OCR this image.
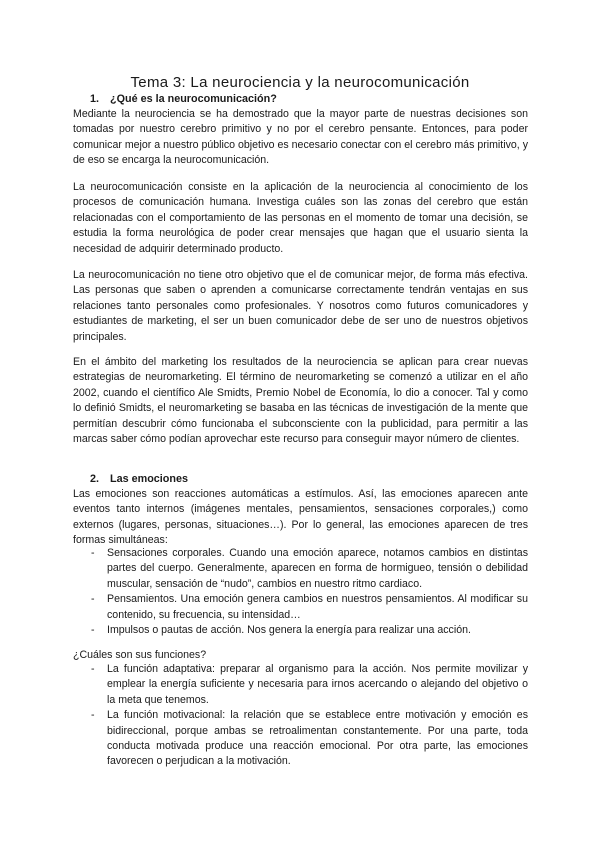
Tema 3: La neurociencia y la neurocomunicación
1. ¿Qué es la neurocomunicación?

Mediante la neurociencia se ha demostrado que la mayor parte de nuestras decisiones son tomadas por nuestro cerebro primitivo y no por el cerebro pensante. Entonces, para poder comunicar mejor a nuestro público objetivo es necesario conectar con el cerebro más primitivo, y de eso se encarga la neurocomunicación.

La neurocomunicación consiste en la aplicación de la neurociencia al conocimiento de los procesos de comunicación humana. Investiga cuáles son las zonas del cerebro que están relacionadas con el comportamiento de las personas en el momento de tomar una decisión, se estudia la forma neurológica de poder crear mensajes que hagan que el usuario sienta la necesidad de adquirir determinado producto.

La neurocomunicación no tiene otro objetivo que el de comunicar mejor, de forma más efectiva. Las personas que saben o aprenden a comunicarse correctamente tendrán ventajas en sus relaciones tanto personales como profesionales. Y nosotros como futuros comunicadores y estudiantes de marketing, el ser un buen comunicador debe de ser uno de nuestros objetivos principales.

En el ámbito del marketing los resultados de la neurociencia se aplican para crear nuevas estrategias de neuromarketing. El término de neuromarketing se comenzó a utilizar en el año 2002, cuando el científico Ale Smidts, Premio Nobel de Economía, lo dio a conocer. Tal y como lo definió Smidts, el neuromarketing se basaba en las técnicas de investigación de la mente que permitían descubrir cómo funcionaba el subconsciente con la publicidad, para permitir a las marcas saber cómo podían aprovechar este recurso para conseguir mayor número de clientes.

2. Las emociones

Las emociones son reacciones automáticas a estímulos. Así, las emociones aparecen ante eventos tanto internos (imágenes mentales, pensamientos, sensaciones corporales,) como externos (lugares, personas, situaciones…). Por lo general, las emociones aparecen de tres formas simultáneas:

- Sensaciones corporales. Cuando una emoción aparece, notamos cambios en distintas partes del cuerpo. Generalmente, aparecen en forma de hormigueo, tensión o debilidad muscular, sensación de “nudo”, cambios en nuestro ritmo cardiaco.
- Pensamientos. Una emoción genera cambios en nuestros pensamientos. Al modificar su contenido, su frecuencia, su intensidad…
- Impulsos o pautas de acción. Nos genera la energía para realizar una acción.

¿Cuáles son sus funciones?

- La función adaptativa: preparar al organismo para la acción. Nos permite movilizar y emplear la energía suficiente y necesaria para irnos acercando o alejando del objetivo o la meta que tenemos.
- La función motivacional: la relación que se establece entre motivación y emoción es bidireccional, porque ambas se retroalimentan constantemente. Por una parte, toda conducta motivada produce una reacción emocional. Por otra parte, las emociones favorecen o perjudican a la motivación.
